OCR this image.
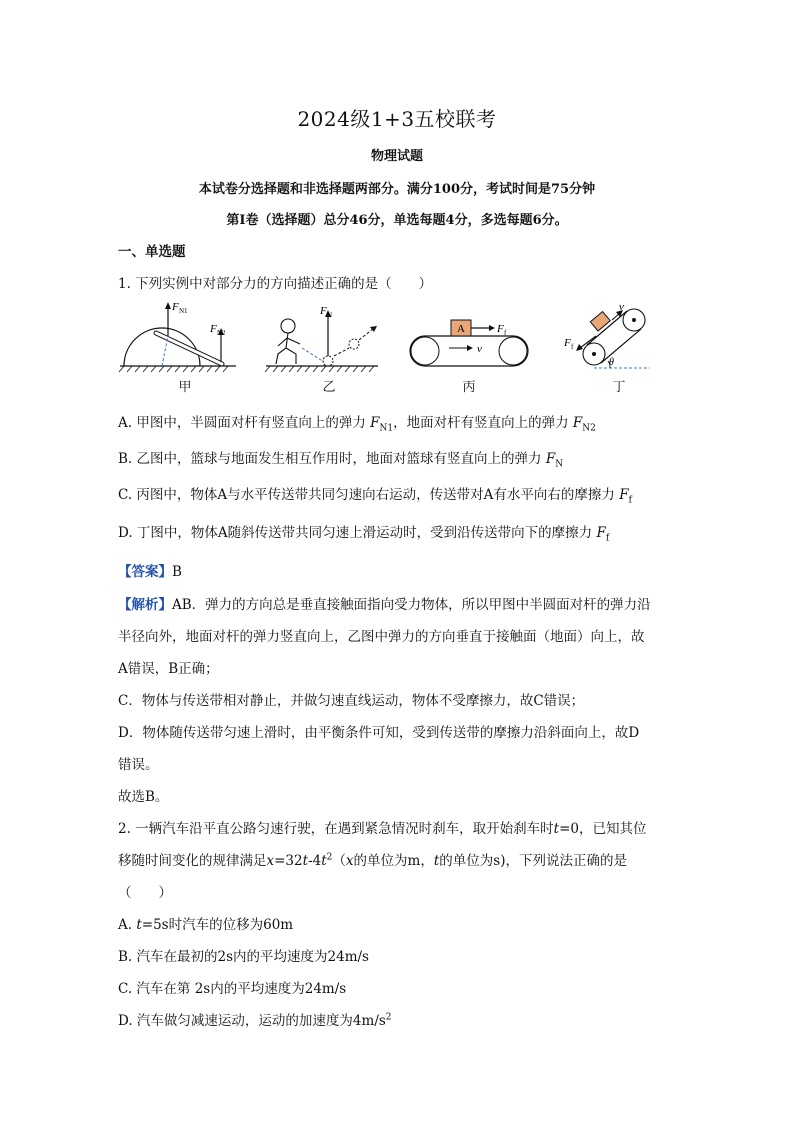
2024级1+3五校联考
物理试题
本试卷分选择题和非选择题两部分。满分100分，考试时间是75分钟
第I卷（选择题）总分46分，单选每题4分，多选每题6分。
一、单选题
1. 下列实例中对部分力的方向描述正确的是（　　）
F N1
F N2
甲
F N
乙
A	F f
v
丙
v
F f
θ
丁
A. 甲图中，半圆面对杆有竖直向上的弹力 $F_{N1}$，地面对杆有竖直向上的弹力 $F_{N2}$
B. 乙图中，篮球与地面发生相互作用时，地面对篮球有竖直向上的弹力 $F_N$
C. 丙图中，物体A与水平传送带共同匀速向右运动，传送带对A有水平向右的摩擦力 $F_f$
D. 丁图中，物体A随斜传送带共同匀速上滑运动时，受到沿传送带向下的摩擦力 $F_f$
【答案】B
【解析】AB．弹力的方向总是垂直接触面指向受力物体，所以甲图中半圆面对杆的弹力沿
半径向外，地面对杆的弹力竖直向上，乙图中弹力的方向垂直于接触面（地面）向上，故
A错误，B正确；
C．物体与传送带相对静止，并做匀速直线运动，物体不受摩擦力，故C错误；
D．物体随传送带匀速上滑时，由平衡条件可知，受到传送带的摩擦力沿斜面向上，故D
错误。
故选B。
2. 一辆汽车沿平直公路匀速行驶，在遇到紧急情况时刹车，取开始刹车时t=0，已知其位
移随时间变化的规律满足$x=32t-4t^2(x$的单位为m，t的单位为s)，下列说法正确的是
（　　）
A. t=5s时汽车的位移为60m
B. 汽车在最初的2s内的平均速度为24m/s
C. 汽车在第 2s内的平均速度为24m/s
D. 汽车做匀减速运动，运动的加速度为$4m/s^2$
